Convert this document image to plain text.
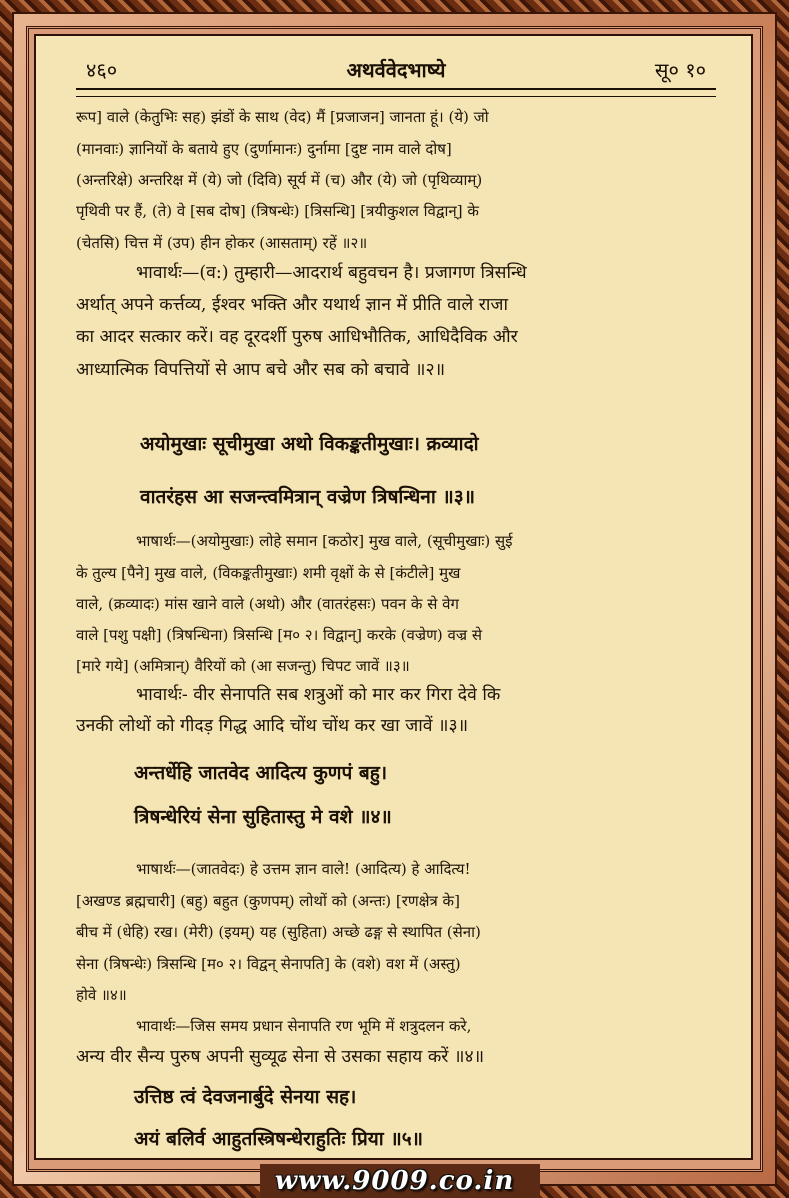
४६०	अथर्ववेदभाष्ये	सू० १०
रूप] वाले (केतुभिः सह) झंडों के साथ (वेद) मैं [प्रजाजन] जानता हूं। (ये) जो
(मानवाः) ज्ञानियों के बताये हुए (दुर्णामानः) दुर्नामा [दुष्ट नाम वाले दोष]
(अन्तरिक्षे) अन्तरिक्ष में (ये) जो (दिवि) सूर्य में (च) और (ये) जो (पृथिव्याम्)
पृथिवी पर हैं, (ते) वे [सब दोष] (त्रिषन्धेः) [त्रिसन्धि] [त्रयीकुशल विद्वान्] के
(चेतसि) चित्त में (उप) हीन होकर (आसताम्) रहें ॥२॥
भावार्थः—(व:) तुम्हारी—आदरार्थ बहुवचन है। प्रजागण त्रिसन्धि
अर्थात् अपने कर्त्तव्य, ईश्वर भक्ति और यथार्थ ज्ञान में प्रीति वाले राजा
का आदर सत्कार करें। वह दूरदर्शी पुरुष आधिभौतिक, आधिदैविक और
आध्यात्मिक विपत्तियों से आप बचे और सब को बचावे ॥२॥
अयोमुखाः सूचीमुखा अथो विकङ्कतीमुखाः। क्रव्यादो
वातरंहस आ सजन्त्वमित्रान् वज्रेण त्रिषन्धिना ॥३॥
भाषार्थः—(अयोमुखाः) लोहे समान [कठोर] मुख वाले, (सूचीमुखाः) सुई
के तुल्य [पैने] मुख वाले, (विकङ्कतीमुखाः) शमी वृक्षों के से [कंटीले] मुख
वाले, (क्रव्यादः) मांस खाने वाले (अथो) और (वातरंहसः) पवन के से वेग
वाले [पशु पक्षी] (त्रिषन्धिना) त्रिसन्धि [म० २। विद्वान्] करके (वज्रेण) वज्र से
[मारे गये] (अमित्रान्) वैरियों को (आ सजन्तु) चिपट जावें ॥३॥
भावार्थः- वीर सेनापति सब शत्रुओं को मार कर गिरा देवे कि
उनकी लोथों को गीदड़ गिद्ध आदि चोंथ चोंथ कर खा जावें ॥३॥
अन्तर्धेहि जातवेद आदित्य कुणपं बहु।
त्रिषन्धेरियं सेना सुहितास्तु मे वशे ॥४॥
भाषार्थः—(जातवेदः) हे उत्तम ज्ञान वाले! (आदित्य) हे आदित्य!
[अखण्ड ब्रह्मचारी] (बहु) बहुत (कुणपम्) लोथों को (अन्तः) [रणक्षेत्र के]
बीच में (धेहि) रख। (मेरी) (इयम्) यह (सुहिता) अच्छे ढङ्ग से स्थापित (सेना)
सेना (त्रिषन्धेः) त्रिसन्धि [म० २। विद्वन् सेनापति] के (वशे) वश में (अस्तु)
होवे ॥४॥
भावार्थः—जिस समय प्रधान सेनापति रण भूमि में शत्रुदलन करे,
अन्य वीर सैन्य पुरुष अपनी सुव्यूढ सेना से उसका सहाय करें ॥४॥
उत्तिष्ठ त्वं देवजनार्बुदे सेनया सह।
अयं बलिर्व आहुतस्त्रिषन्धेराहुतिः प्रिया ॥५॥
www.9009.co.in
